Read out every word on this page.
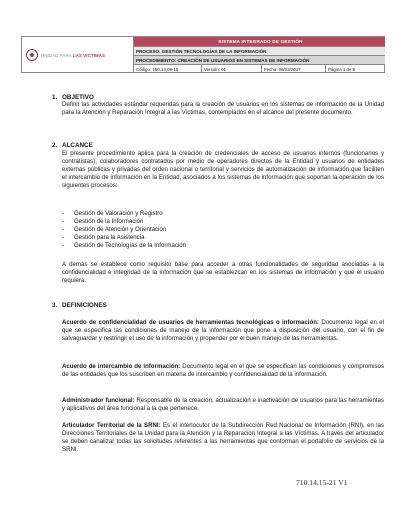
UNIDAD PARA LAS VÍCTIMAS
SISTEMA INTEGRADO DE GESTIÓN
PROCESO: GESTIÓN TECNOLOGÍAS DE LA INFORMACIÓN
PROCEDIMIENTO: CREACIÓN DE USUARIOS EN SISTEMAS DE INFORMACIÓN
Código: 150,13,08-15	Versión: 01	Fecha: 06/03/2017	Página 1 de 5
1. OBJETIVO
Definir las actividades estándar requeridas para la creación de usuarios en los sistemas de información de la Unidad para la Atención y Reparación Integral a las Víctimas, contemplados en el alcance del presente documento.
2. ALCANCE
El presente procedimiento aplica para la creación de credenciales de acceso de usuarios internos (funcionarios y contratistas), colaboradores contratados por medio de operadores directos de la Entidad y usuarios de entidades externas públicas y privadas del orden nacional o territorial y servicios de automatización de información que faciliten el intercambio de información en la Entidad, asociados a los sistemas de información que soportan la operación de los siguientes procesos:
- Gestión de Valoración y Registro
- Gestión de la Información
- Gestión de Atención y Orientación
- Gestión para la Asistencia
- Gestión de Tecnologías de la Información
A demás se establece como requisito base para acceder a otras funcionalidades de seguridad asociadas a la confidencialidad e integridad de la información que se establezcan en los sistemas de información y que el usuario requiera.
3. DEFINICIONES
Acuerdo de confidencialidad de usuarios de herramientas tecnológicas o información: Documento legal en el que se especifica las condiciones de manejo de la información que pone a disposición del usuario, con el fin de salvaguardar y restringir el uso de la información y propender por el buen manejo de las herramientas.
Acuerdo de intercambio de información: Documento legal en el que se especifican las condiciones y compromisos de las entidades que los suscriben en materia de intercambio y confidencialidad de la información.
Administrador funcional: Responsable de la creación, actualización e inactivación de usuarios para las herramientas y aplicativos del área funcional a la que pertenece.
Articulador Territorial de la SRNI: Es el interlocutor de la Subdirección Red Nacional de Información (RNI), en las Direcciones Territoriales de la Unidad para la Atención y la Reparación Integral a las Víctimas. A través del articulador se deben canalizar todas las solicitudes referentes a las herramientas que conforman el portafolio de servicios de la SRNI.
710.14.15-21 V1
